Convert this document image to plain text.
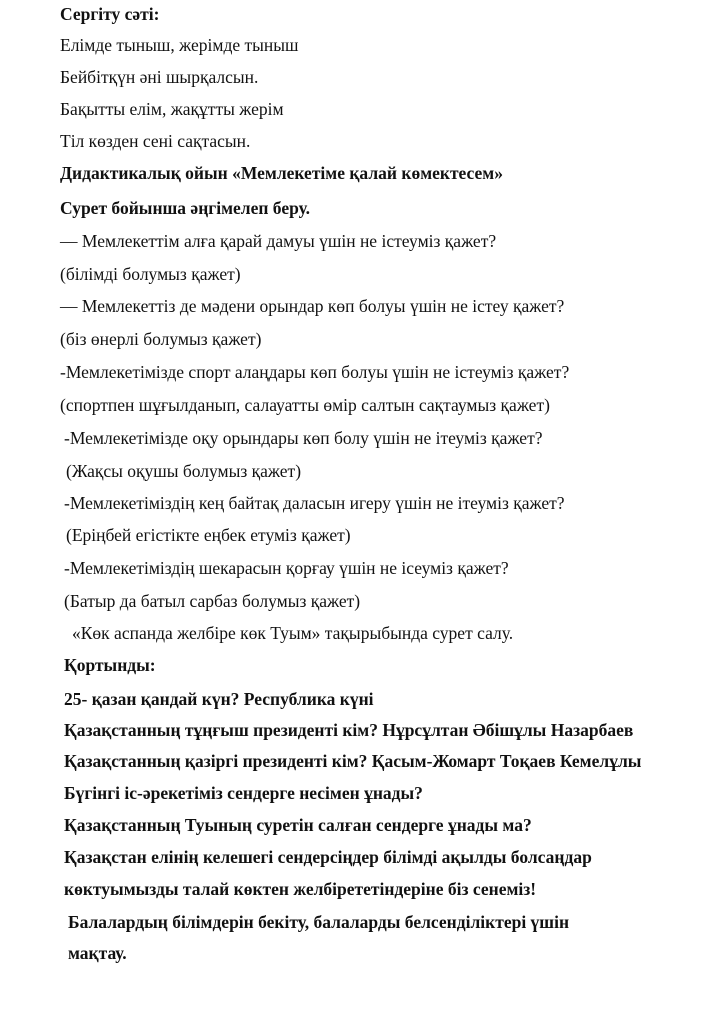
Сергіту сәті:
Елімде тыныш, жерімде тыныш
Бейбітқүн әні шырқалсын.
Бақытты елім, жақұтты жерім
Тіл көзден сені сақтасын.
Дидактикалық ойын «Мемлекетіме қалай көмектесем»
Сурет бойынша әңгімелеп беру.
— Мемлекеттім алға қарай дамуы үшін не істеуміз қажет?
(білімді болумыз қажет)
— Мемлекеттіз де мәдени орындар көп болуы үшін не істеу қажет?
(біз өнерлі болумыз қажет)
-Мемлекетімізде спорт алаңдары көп болуы үшін не істеуміз қажет?
(спортпен шұғылданып, салауатты өмір салтын сақтаумыз қажет)
-Мемлекетімізде оқу орындары көп болу үшін не ітеуміз қажет?
(Жақсы оқушы болумыз қажет)
-Мемлекетіміздің кең байтақ даласын игеру үшін не ітеуміз қажет?
(Еріңбей егістікте еңбек етуміз қажет)
-Мемлекетіміздің шекарасын қорғау үшін не ісеуміз қажет?
(Батыр да батыл сарбаз болумыз қажет)
«Көк аспанда желбіре көк Туым» тақырыбында сурет салу.
Қортынды:
25- қазан қандай күн? Республика күні
Қазақстанның тұңғыш президенті кім? Нұрсұлтан Әбішұлы Назарбаев
Қазақстанның қазіргі президенті кім? Қасым-Жомарт Тоқаев Кемелұлы
Бүгінгі іс-әрекетіміз сендерге несімен ұнады?
Қазақстанның Туының суретін салған сендерге ұнады ма?
Қазақстан елінің келешегі сендерсіңдер білімді ақылды болсаңдар
көктуымызды талай көктен желбірететіндеріне біз сенеміз!
Балалардың білімдерін бекіту, балаларды белсенділіктері үшін
мақтау.
